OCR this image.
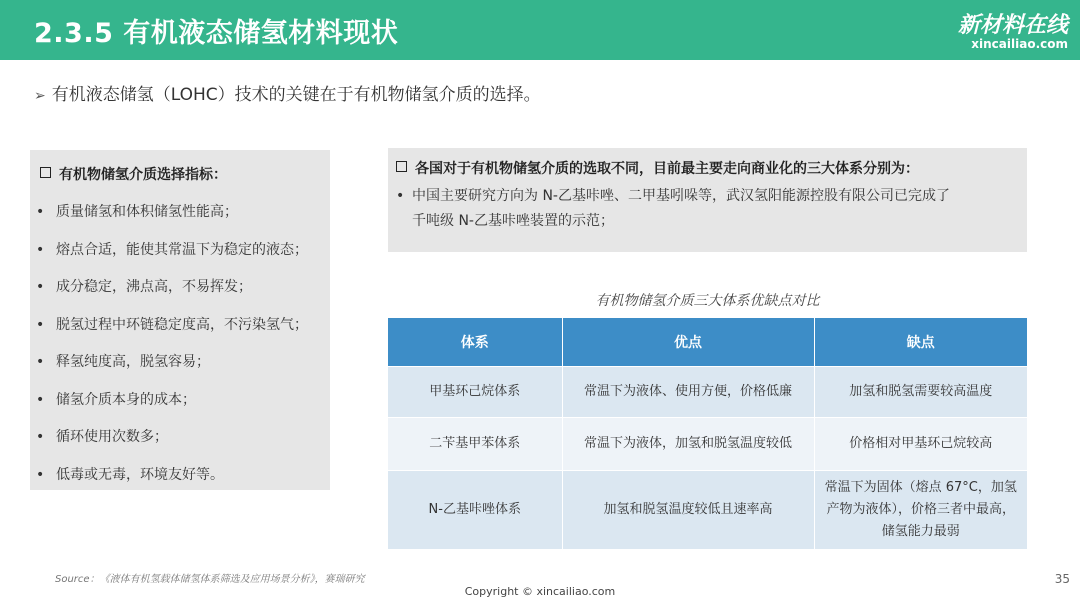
2.3.5 有机液态储氢材料现状	新材料在线
xincailiao.com
➢ 有机液态储氢（LOHC）技术的关键在于有机物储氢介质的选择。
有机物储氢介质选择指标：
• 质量储氢和体积储氢性能高；
• 熔点合适，能使其常温下为稳定的液态；
• 成分稳定，沸点高，不易挥发；
• 脱氢过程中环链稳定度高，不污染氢气；
• 释氢纯度高，脱氢容易；
• 储氢介质本身的成本；
• 循环使用次数多；
• 低毒或无毒，环境友好等。
各国对于有机物储氢介质的选取不同，目前最主要走向商业化的三大体系分别为：
• 中国主要研究方向为 N-乙基咔唑、二甲基吲哚等，武汉氢阳能源控股有限公司已完成了
千吨级 N-乙基咔唑装置的示范；
有机物储氢介质三大体系优缺点对比
体系	优点	缺点
甲基环己烷体系	常温下为液体、使用方便，价格低廉	加氢和脱氢需要较高温度
二苄基甲苯体系	常温下为液体，加氢和脱氢温度较低	价格相对甲基环己烷较高
N-乙基咔唑体系	加氢和脱氢温度较低且速率高	常温下为固体（熔点 67°C，加氢产物为液体），价格三者中最高，储氢能力最弱
Source：《液体有机氢载体储氢体系筛选及应用场景分析》，赛瑞研究
Copyright © xincailiao.com
35
